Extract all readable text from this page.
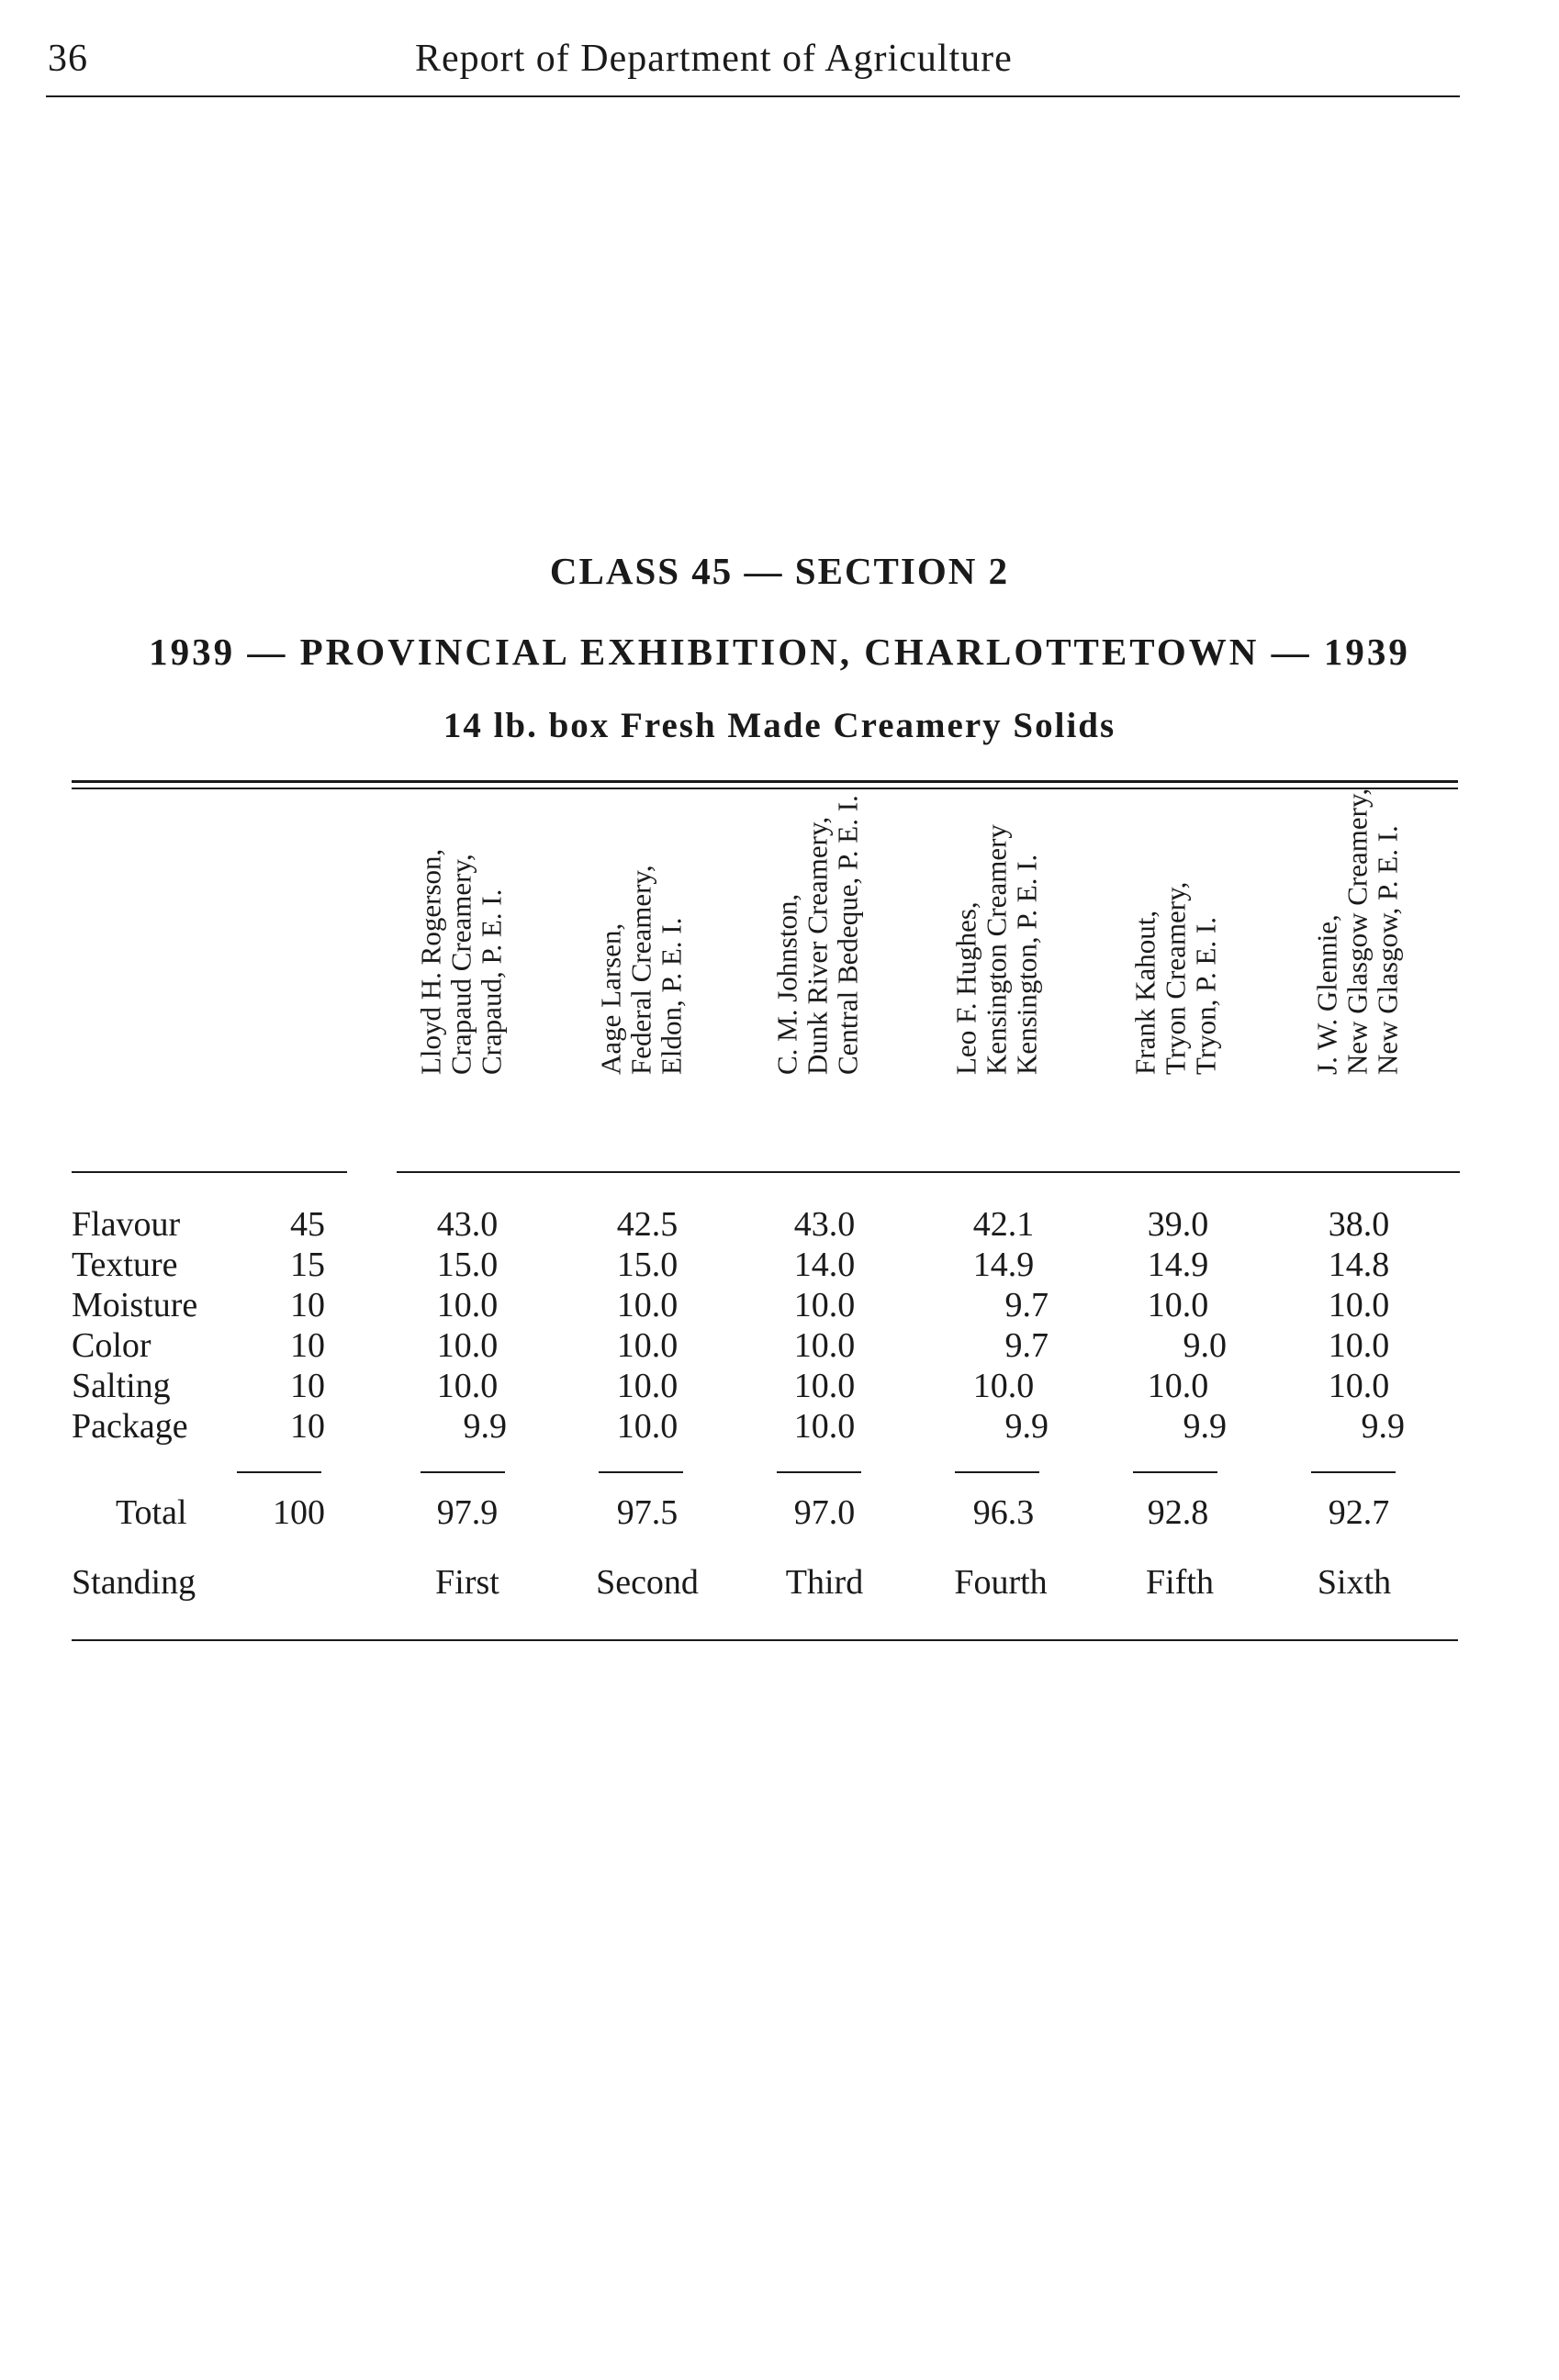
36	Report of Department of Agriculture
CLASS 45 — SECTION 2
1939 — PROVINCIAL EXHIBITION, CHARLOTTETOWN — 1939
14 lb. box Fresh Made Creamery Solids
Lloyd H. Rogerson,
Crapaud Creamery,
Crapaud, P. E. I.	Aage Larsen,
Federal Creamery,
Eldon, P. E. I.	C. M. Johnston,
Dunk River Creamery,
Central Bedeque, P. E. I.	Leo F. Hughes,
Kensington Creamery
Kensington, P. E. I.	Frank Kahout,
Tryon Creamery,
Tryon, P. E. I.	J. W. Glennie,
New Glasgow Creamery,
New Glasgow, P. E. I.
Flavour	45	43.0	42.5	43.0	42.1	39.0	38.0
Texture	15	15.0	15.0	14.0	14.9	14.9	14.8
Moisture	10	10.0	10.0	10.0	9.7	10.0	10.0
Color	10	10.0	10.0	10.0	9.7	9.0	10.0
Salting	10	10.0	10.0	10.0	10.0	10.0	10.0
Package	10	9.9	10.0	10.0	9.9	9.9	9.9
Total	100	97.9	97.5	97.0	96.3	92.8	92.7
Standing	First	Second	Third	Fourth	Fifth	Sixth
